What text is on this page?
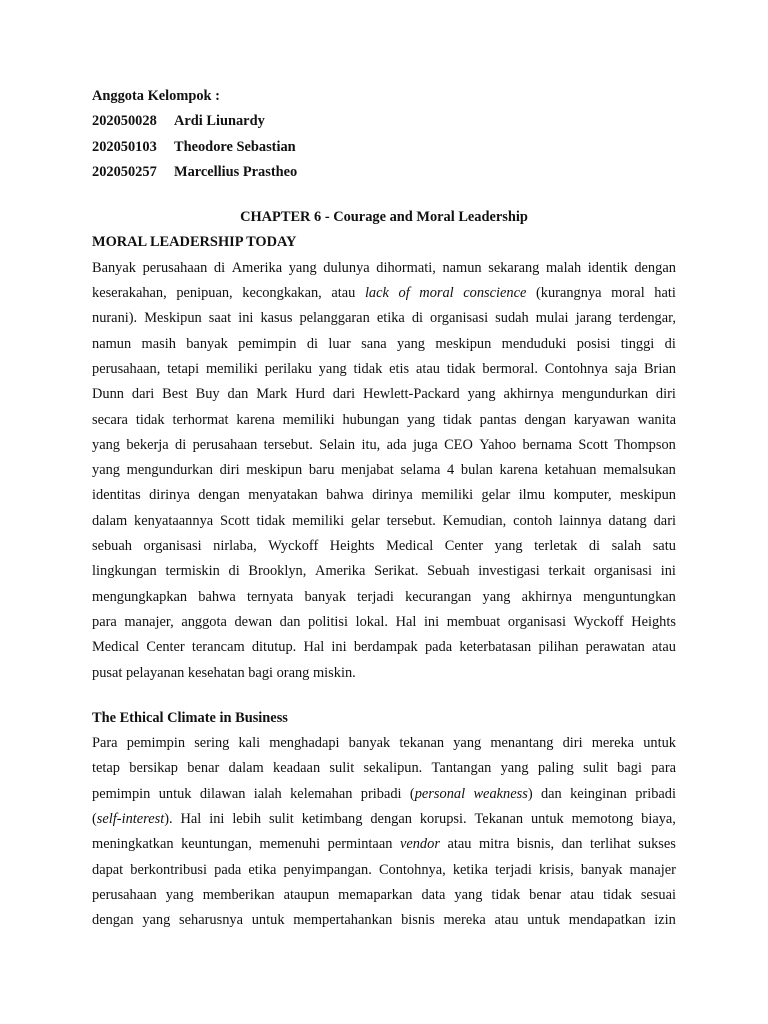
Anggota Kelompok :
202050028 Ardi Liunardy
202050103 Theodore Sebastian
202050257 Marcellius Prastheo
CHAPTER 6 - Courage and Moral Leadership
MORAL LEADERSHIP TODAY
Banyak perusahaan di Amerika yang dulunya dihormati, namun sekarang malah identik dengan
keserakahan, penipuan, kecongkakan, atau lack of moral conscience (kurangnya moral hati
nurani). Meskipun saat ini kasus pelanggaran etika di organisasi sudah mulai jarang terdengar,
namun masih banyak pemimpin di luar sana yang meskipun menduduki posisi tinggi di
perusahaan, tetapi memiliki perilaku yang tidak etis atau tidak bermoral. Contohnya saja Brian
Dunn dari Best Buy dan Mark Hurd dari Hewlett-Packard yang akhirnya mengundurkan diri
secara tidak terhormat karena memiliki hubungan yang tidak pantas dengan karyawan wanita
yang bekerja di perusahaan tersebut. Selain itu, ada juga CEO Yahoo bernama Scott Thompson
yang mengundurkan diri meskipun baru menjabat selama 4 bulan karena ketahuan memalsukan
identitas dirinya dengan menyatakan bahwa dirinya memiliki gelar ilmu komputer, meskipun
dalam kenyataannya Scott tidak memiliki gelar tersebut. Kemudian, contoh lainnya datang dari
sebuah organisasi nirlaba, Wyckoff Heights Medical Center yang terletak di salah satu
lingkungan termiskin di Brooklyn, Amerika Serikat. Sebuah investigasi terkait organisasi ini
mengungkapkan bahwa ternyata banyak terjadi kecurangan yang akhirnya menguntungkan
para manajer, anggota dewan dan politisi lokal. Hal ini membuat organisasi Wyckoff Heights
Medical Center terancam ditutup. Hal ini berdampak pada keterbatasan pilihan perawatan atau
pusat pelayanan kesehatan bagi orang miskin.
The Ethical Climate in Business
Para pemimpin sering kali menghadapi banyak tekanan yang menantang diri mereka untuk
tetap bersikap benar dalam keadaan sulit sekalipun. Tantangan yang paling sulit bagi para
pemimpin untuk dilawan ialah kelemahan pribadi (personal weakness) dan keinginan pribadi
(self-interest). Hal ini lebih sulit ketimbang dengan korupsi. Tekanan untuk memotong biaya,
meningkatkan keuntungan, memenuhi permintaan vendor atau mitra bisnis, dan terlihat sukses
dapat berkontribusi pada etika penyimpangan. Contohnya, ketika terjadi krisis, banyak manajer
perusahaan yang memberikan ataupun memaparkan data yang tidak benar atau tidak sesuai
dengan yang seharusnya untuk mempertahankan bisnis mereka atau untuk mendapatkan izin
